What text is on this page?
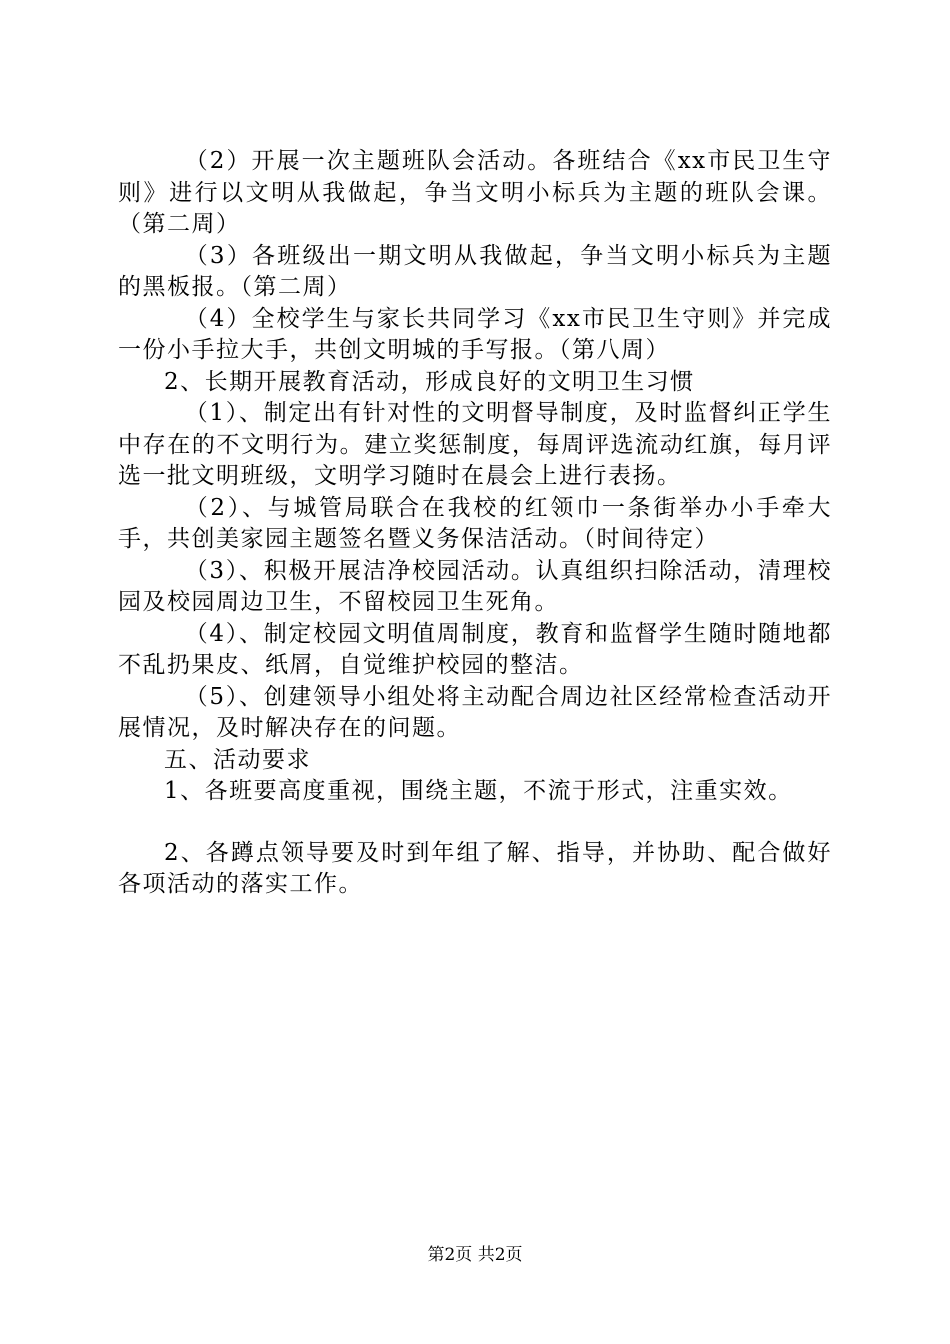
（2）开展一次主题班队会活动。各班结合《xx市民卫生守则》进行以文明从我做起，争当文明小标兵为主题的班队会课。（第二周）

（3）各班级出一期文明从我做起，争当文明小标兵为主题的黑板报。（第二周）

（4）全校学生与家长共同学习《xx市民卫生守则》并完成一份小手拉大手，共创文明城的手写报。（第八周）

2、长期开展教育活动，形成良好的文明卫生习惯

（1）、制定出有针对性的文明督导制度，及时监督纠正学生中存在的不文明行为。建立奖惩制度，每周评选流动红旗，每月评选一批文明班级，文明学习随时在晨会上进行表扬。

（2）、与城管局联合在我校的红领巾一条街举办小手牵大手，共创美家园主题签名暨义务保洁活动。（时间待定）

（3）、积极开展洁净校园活动。认真组织扫除活动，清理校园及校园周边卫生，不留校园卫生死角。

（4）、制定校园文明值周制度，教育和监督学生随时随地都不乱扔果皮、纸屑，自觉维护校园的整洁。

（5）、创建领导小组处将主动配合周边社区经常检查活动开展情况，及时解决存在的问题。

五、活动要求

1、各班要高度重视，围绕主题，不流于形式，注重实效。

2、各蹲点领导要及时到年组了解、指导，并协助、配合做好各项活动的落实工作。

第2页 共2页
